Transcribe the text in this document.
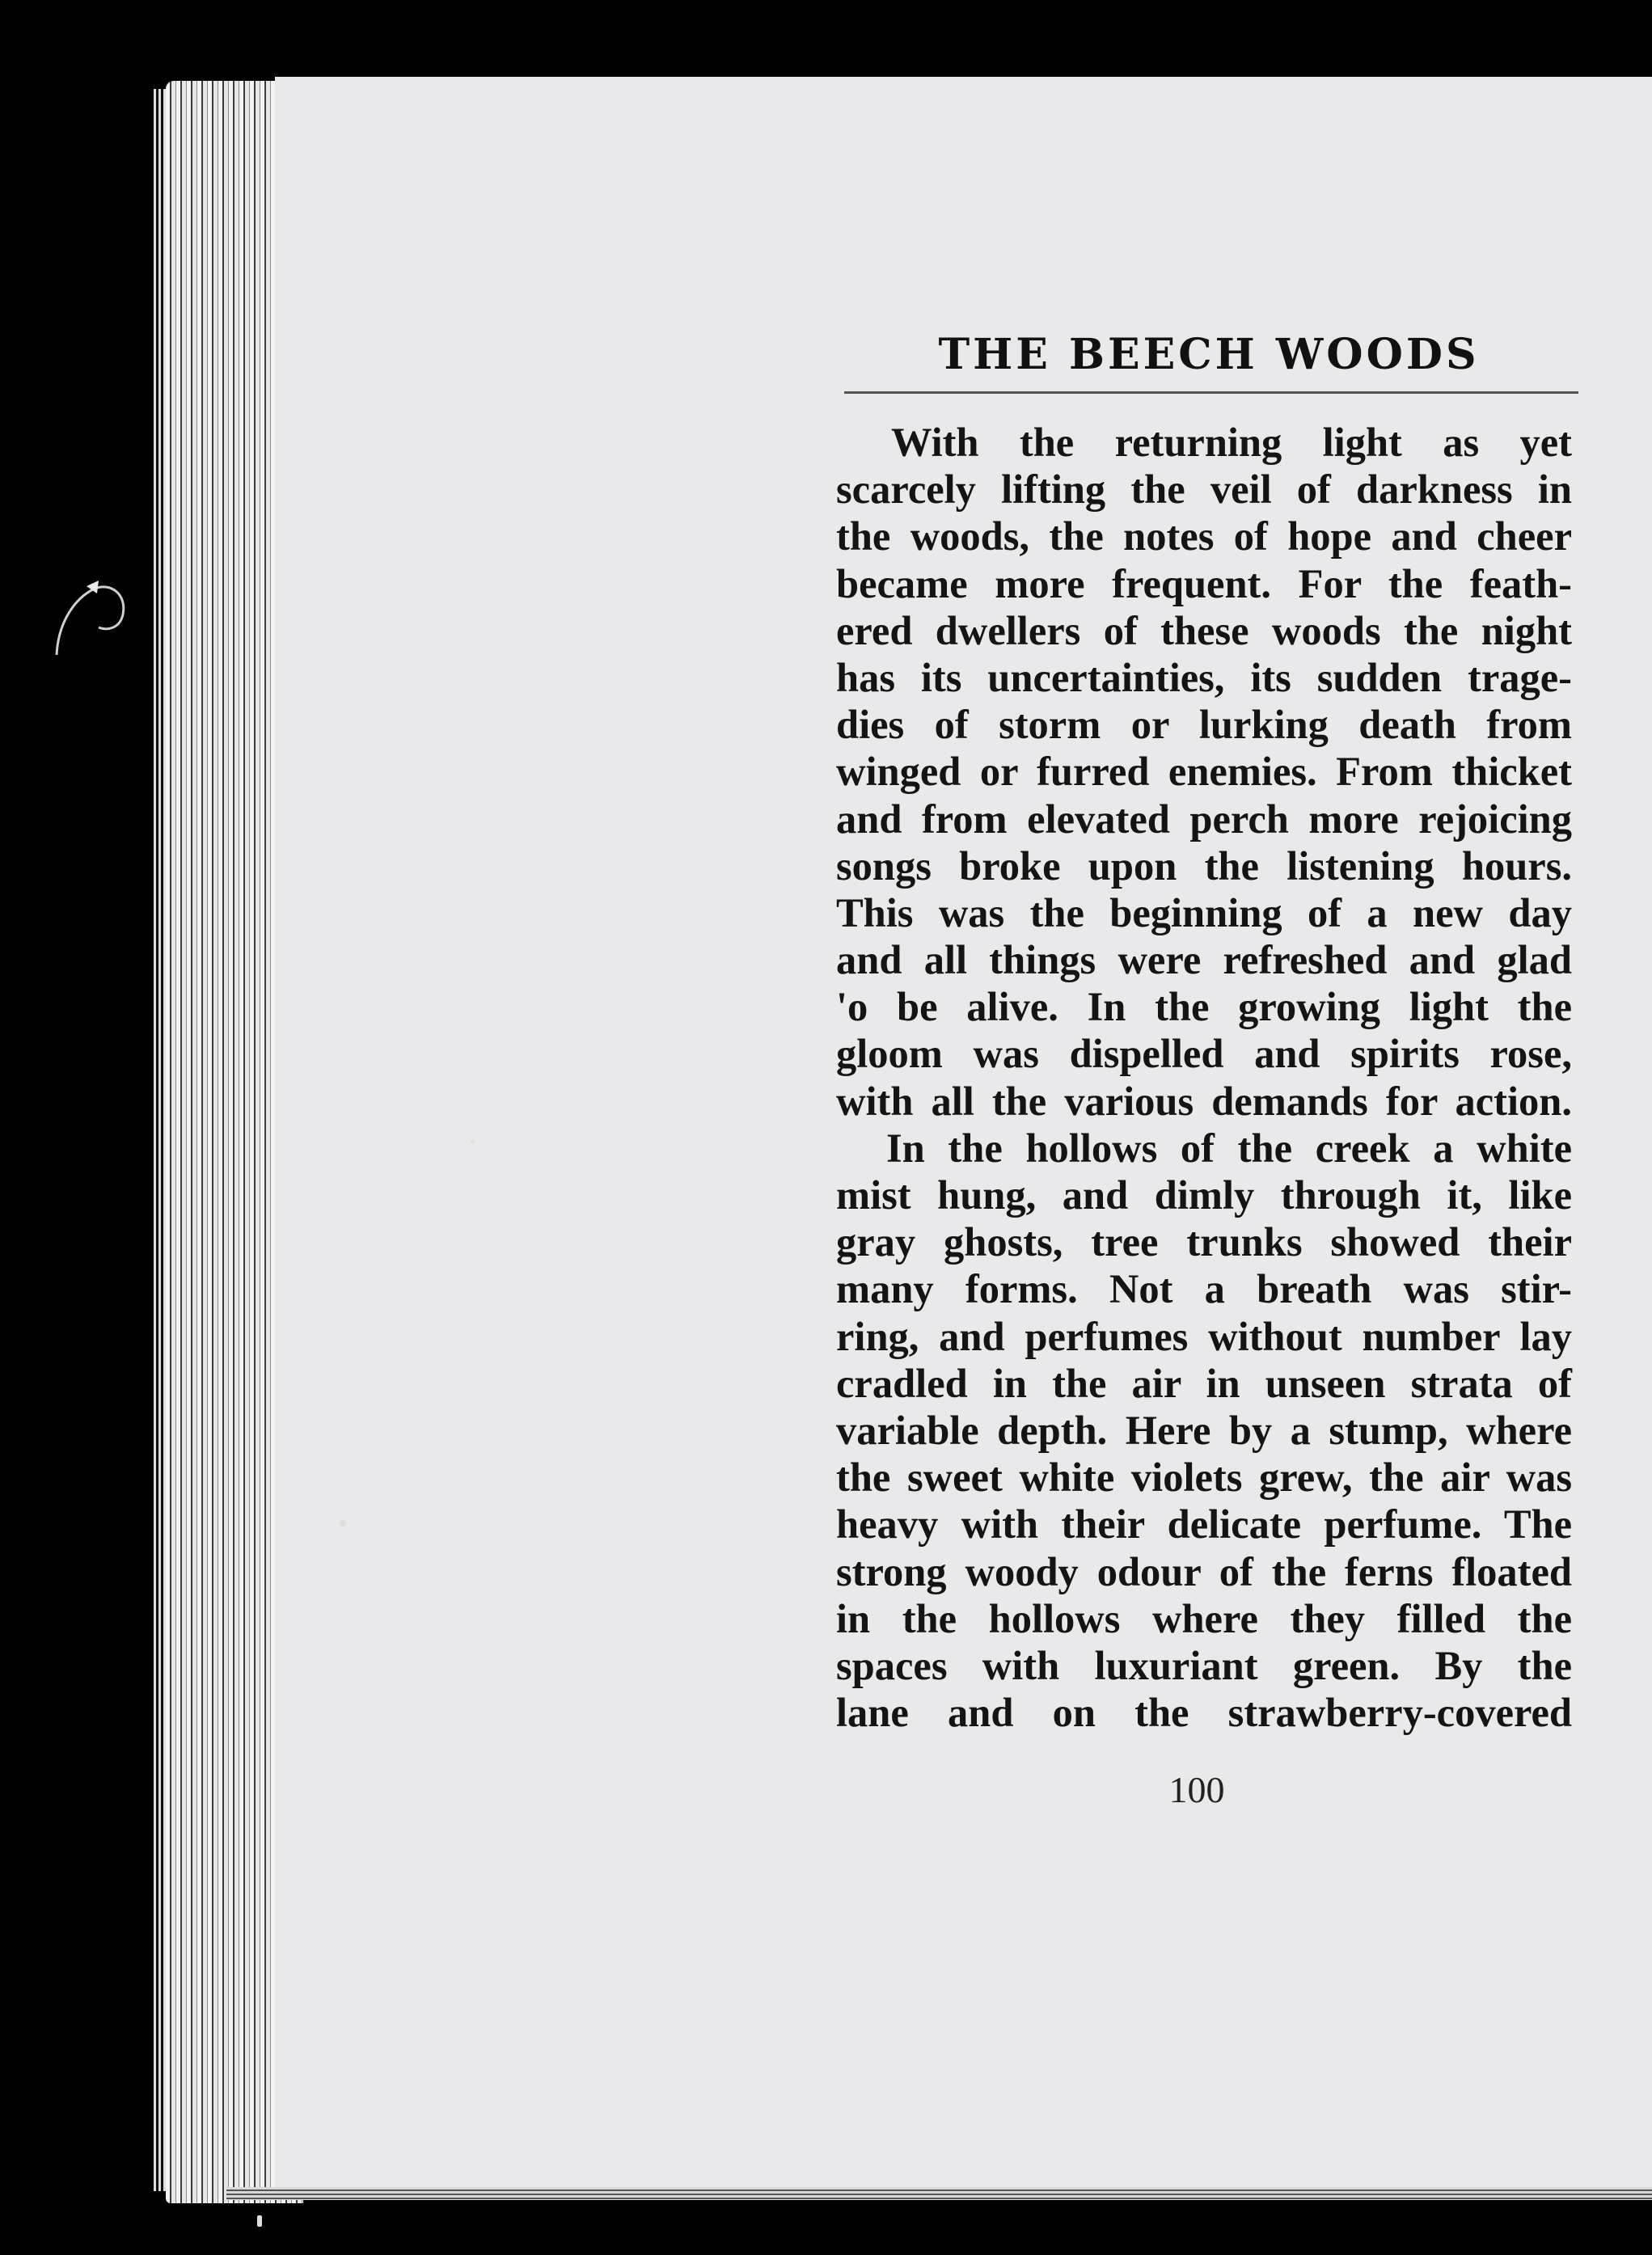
THE BEECH WOODS
With the returning light as yet
scarcely lifting the veil of darkness in
the woods, the notes of hope and cheer
became more frequent. For the feath-
ered dwellers of these woods the night
has its uncertainties, its sudden trage-
dies of storm or lurking death from
winged or furred enemies. From thicket
and from elevated perch more rejoicing
songs broke upon the listening hours.
This was the beginning of a new day
and all things were refreshed and glad
'o be alive. In the growing light the
gloom was dispelled and spirits rose,
with all the various demands for action.
In the hollows of the creek a white
mist hung, and dimly through it, like
gray ghosts, tree trunks showed their
many forms. Not a breath was stir-
ring, and perfumes without number lay
cradled in the air in unseen strata of
variable depth. Here by a stump, where
the sweet white violets grew, the air was
heavy with their delicate perfume. The
strong woody odour of the ferns floated
in the hollows where they filled the
spaces with luxuriant green. By the
lane and on the strawberry-covered
100
